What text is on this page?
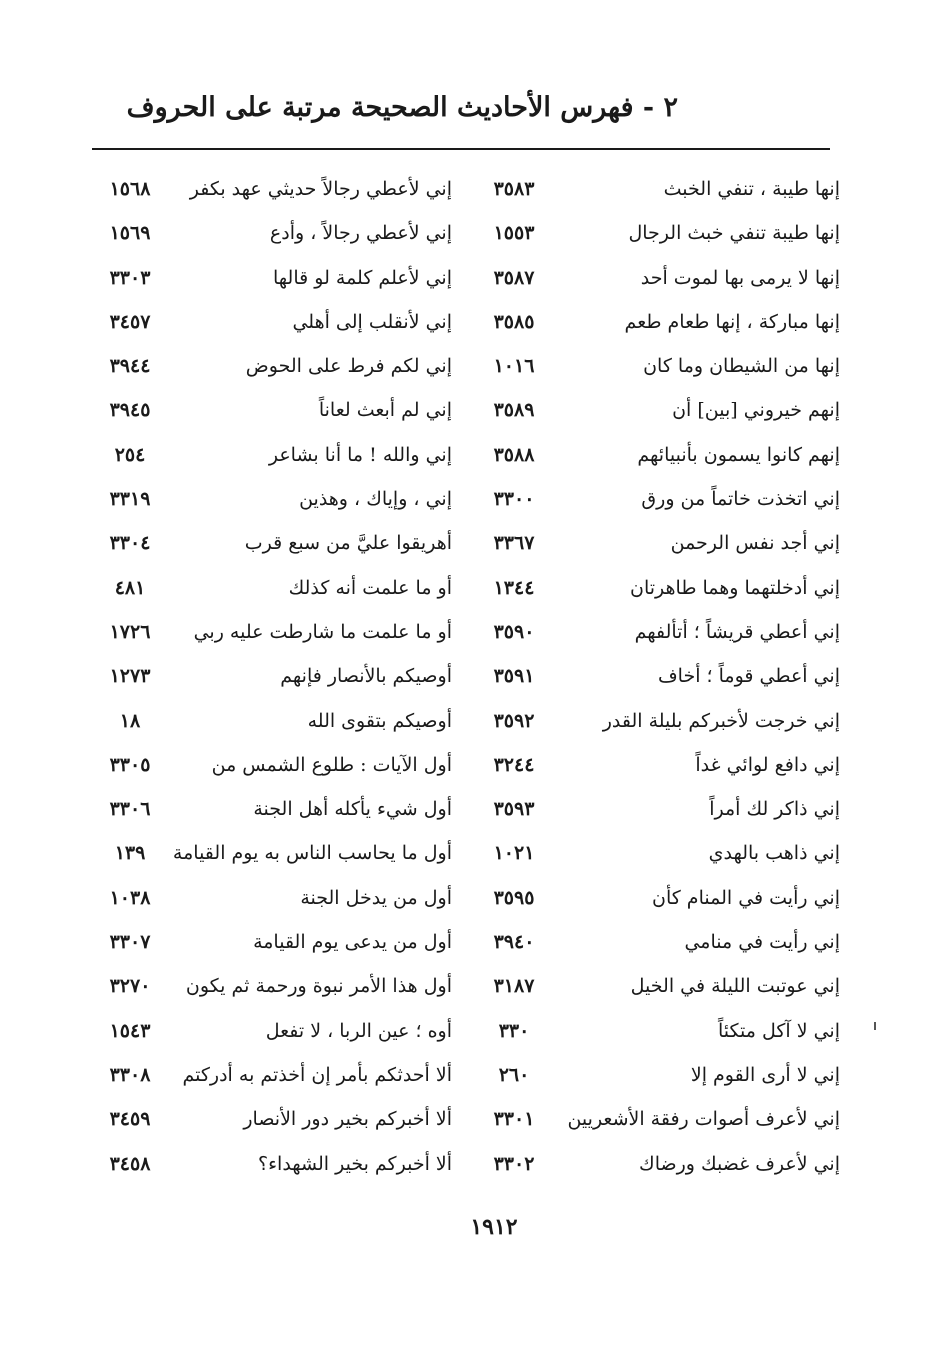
٢ - فهرس الأحاديث الصحيحة مرتبة على الحروف
إنها طيبة ، تنفي الخبث
٣٥٨٣
إني لأعطي رجالاً حديثي عهد بكفر
١٥٦٨
إنها طيبة تنفي خبث الرجال
١٥٥٣
إني لأعطي رجالاً ، وأدع
١٥٦٩
إنها لا يرمى بها لموت أحد
٣٥٨٧
إني لأعلم كلمة لو قالها
٣٣٠٣
إنها مباركة ، إنها طعام طعم
٣٥٨٥
إني لأنقلب إلى أهلي
٣٤٥٧
إنها من الشيطان وما كان
١٠١٦
إني لكم فرط على الحوض
٣٩٤٤
إنهم خيروني [بين] أن
٣٥٨٩
إني لم أبعث لعاناً
٣٩٤٥
إنهم كانوا يسمون بأنبيائهم
٣٥٨٨
إني والله ! ما أنا بشاعر
٢٥٤
إني اتخذت خاتماً من ورق
٣٣٠٠
إني ، وإياك ، وهذين
٣٣١٩
إني أجد نفس الرحمن
٣٣٦٧
أهريقوا عليَّ من سبع قرب
٣٣٠٤
إني أدخلتهما وهما طاهرتان
١٣٤٤
أو ما علمت أنه كذلك
٤٨١
إني أعطي قريشاً ؛ أتألفهم
٣٥٩٠
أو ما علمت ما شارطت عليه ربي
١٧٢٦
إني أعطي قوماً ؛ أخاف
٣٥٩١
أوصيكم بالأنصار فإنهم
١٢٧٣
إني خرجت لأخبركم بليلة القدر
٣٥٩٢
أوصيكم بتقوى الله
١٨
إني دافع لوائي غداً
٣٢٤٤
أول الآيات : طلوع الشمس من
٣٣٠٥
إني ذاكر لك أمراً
٣٥٩٣
أول شيء يأكله أهل الجنة
٣٣٠٦
إني ذاهب بالهدي
١٠٢١
أول ما يحاسب الناس به يوم القيامة
١٣٩
إني رأيت في المنام كأن
٣٥٩٥
أول من يدخل الجنة
١٠٣٨
إني رأيت في منامي
٣٩٤٠
أول من يدعى يوم القيامة
٣٣٠٧
إني عوتبت الليلة في الخيل
٣١٨٧
أول هذا الأمر نبوة ورحمة ثم يكون
٣٢٧٠
إني لا آكل متكئاً
٣٣٠
أوه ؛ عين الربا ، لا تفعل
١٥٤٣
إني لا أرى القوم إلا
٢٦٠
ألا أحدثكم بأمر إن أخذتم به أدركتم
٣٣٠٨
إني لأعرف أصوات رفقة الأشعريين
٣٣٠١
ألا أخبركم بخير دور الأنصار
٣٤٥٩
إني لأعرف غضبك ورضاك
٣٣٠٢
ألا أخبركم بخير الشهداء؟
٣٤٥٨
١٩١٢
